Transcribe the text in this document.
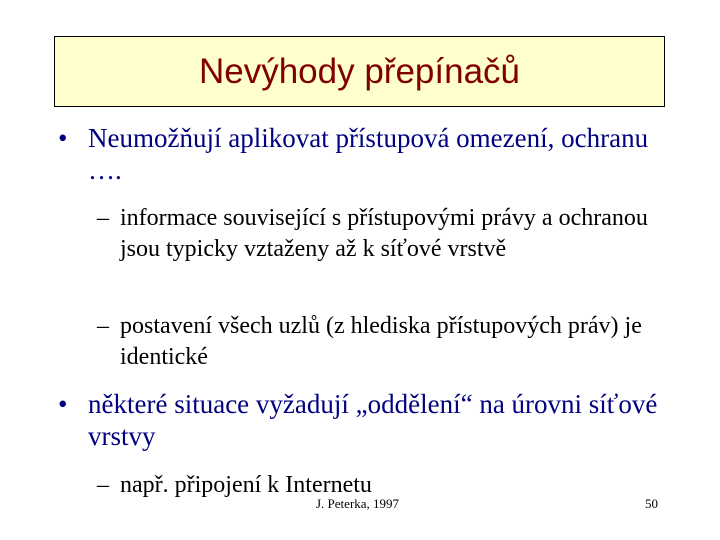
Nevýhody přepínačů
• Neumožňují aplikovat přístupová omezení, ochranu ….
– informace související s přístupovými právy a ochranou jsou typicky vztaženy až k síťové vrstvě
– postavení všech uzlů (z hlediska přístupových práv) je identické
• některé situace vyžadují „oddělení“ na úrovni síťové vrstvy
– např. připojení k Internetu
J. Peterka, 1997	50
